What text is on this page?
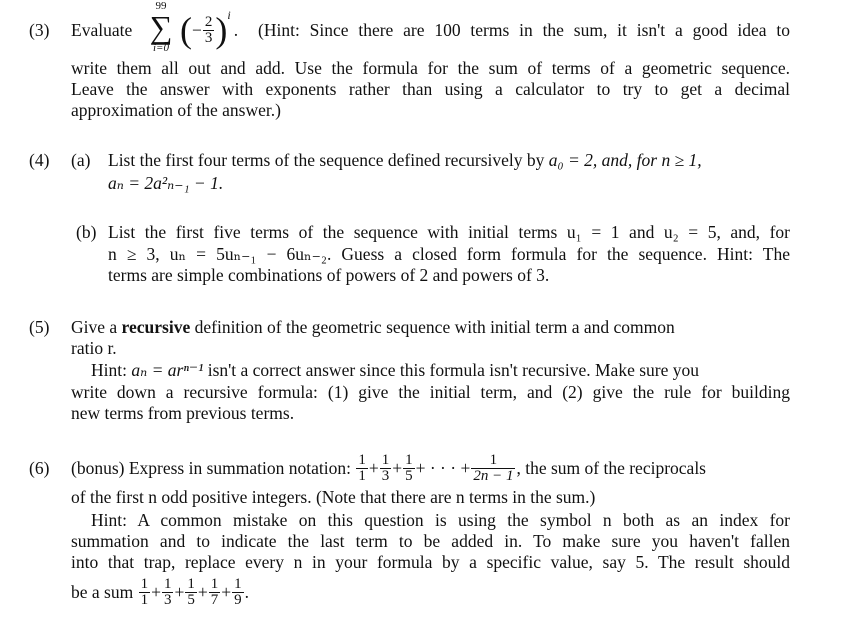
(3) Evaluate
99
∑
i=0 ( − $\frac{2}{3}$ ) i
. (Hint: Since there are 100 terms in the sum, it isn't a good idea to
write them all out and add. Use the formula for the sum of terms of a geometric sequence.
Leave the answer with exponents rather than using a calculator to try to get a decimal
approximation of the answer.)
(4) (a) List the first four terms of the sequence defined recursively by a₀ = 2, and, for n ≥ 1,
aₙ = 2a²ₙ₋₁ − 1.
(b) List the first five terms of the sequence with initial terms u₁ = 1 and u₂ = 5, and, for
n ≥ 3, uₙ = 5uₙ₋₁ − 6uₙ₋₂. Guess a closed form formula for the sequence. Hint: The
terms are simple combinations of powers of 2 and powers of 3.
(5) Give a recursive definition of the geometric sequence with initial term a and common
ratio r.
Hint: aₙ = arⁿ⁻¹ isn't a correct answer since this formula isn't recursive. Make sure you
write down a recursive formula: (1) give the initial term, and (2) give the rule for building
new terms from previous terms.
(6) (bonus) Express in summation notation:
$\frac{1}{1} + \frac{1}{3} + \frac{1}{5}$ + · · · + $\frac{1}{2n - 1}$ , the sum of the reciprocals
of the first n odd positive integers. (Note that there are n terms in the sum.)
Hint: A common mistake on this question is using the symbol n both as an index for
summation and to indicate the last term to be added in. To make sure you haven't fallen
into that trap, replace every n in your formula by a specific value, say 5. The result should
be a sum
$\frac{1}{1} + \frac{1}{3} + \frac{1}{5} + \frac{1}{7} + \frac{1}{9}$ .
